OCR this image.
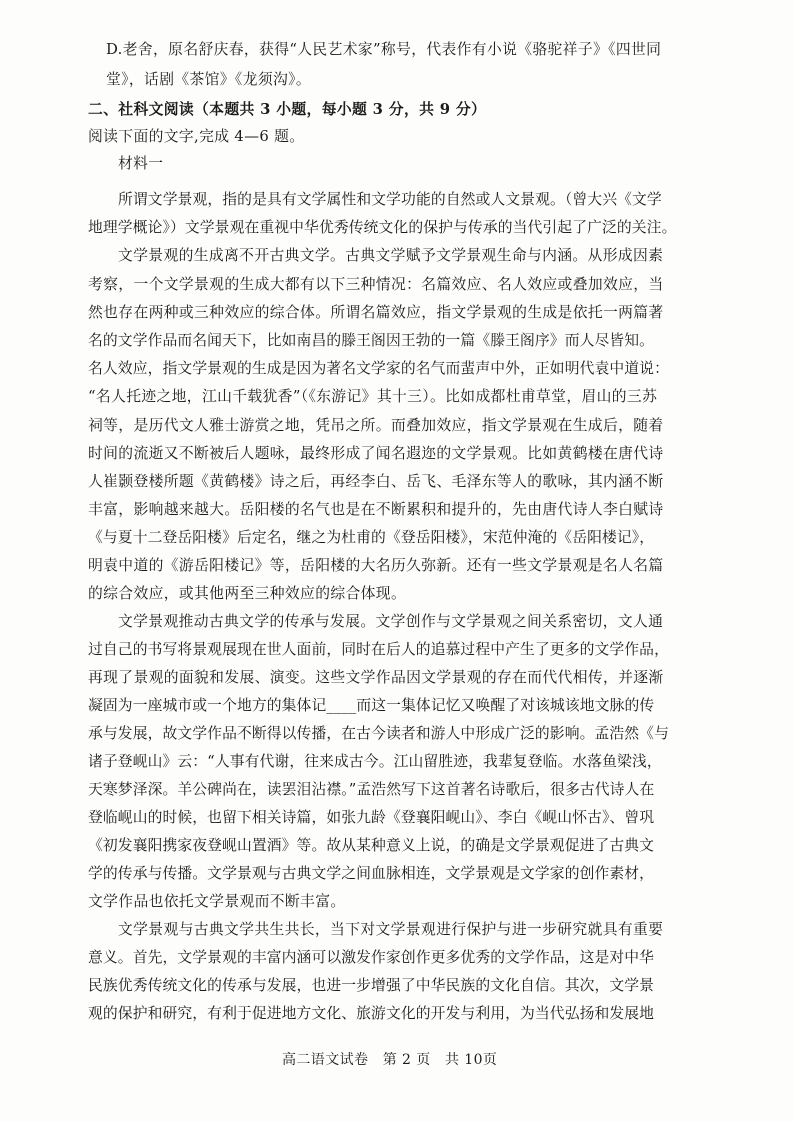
D.老舍，原名舒庆春，获得“人民艺术家”称号，代表作有小说《骆驼祥子》《四世同
堂》，话剧《茶馆》《龙须沟》。
二、社科文阅读（本题共 3 小题，每小题 3 分，共 9 分）
阅读下面的文字,完成 4—6 题。
材料一
所谓文学景观，指的是具有文学属性和文学功能的自然或人文景观。（曾大兴《文学
地理学概论》）文学景观在重视中华优秀传统文化的保护与传承的当代引起了广泛的关注。
文学景观的生成离不开古典文学。古典文学赋予文学景观生命与内涵。从形成因素
考察，一个文学景观的生成大都有以下三种情况：名篇效应、名人效应或叠加效应，当
然也存在两种或三种效应的综合体。所谓名篇效应，指文学景观的生成是依托一两篇著
名的文学作品而名闻天下，比如南昌的滕王阁因王勃的一篇《滕王阁序》而人尽皆知。
名人效应，指文学景观的生成是因为著名文学家的名气而蜚声中外，正如明代袁中道说：
“名人托迹之地，江山千载犹香”（《东游记》其十三）。比如成都杜甫草堂，眉山的三苏
祠等，是历代文人雅士游赏之地，凭吊之所。而叠加效应，指文学景观在生成后，随着
时间的流逝又不断被后人题咏，最终形成了闻名遐迩的文学景观。比如黄鹤楼在唐代诗
人崔颢登楼所题《黄鹤楼》诗之后，再经李白、岳飞、毛泽东等人的歌咏，其内涵不断
丰富，影响越来越大。岳阳楼的名气也是在不断累积和提升的，先由唐代诗人李白赋诗
《与夏十二登岳阳楼》后定名，继之为杜甫的《登岳阳楼》，宋范仲淹的《岳阳楼记》，
明袁中道的《游岳阳楼记》等，岳阳楼的大名历久弥新。还有一些文学景观是名人名篇
的综合效应，或其他两至三种效应的综合体现。
文学景观推动古典文学的传承与发展。文学创作与文学景观之间关系密切，文人通
过自己的书写将景观展现在世人面前，同时在后人的追慕过程中产生了更多的文学作品，
再现了景观的面貌和发展、演变。这些文学作品因文学景观的存在而代代相传，并逐渐
凝固为一座城市或一个地方的集体记____而这一集体记忆又唤醒了对该城该地文脉的传
承与发展，故文学作品不断得以传播，在古今读者和游人中形成广泛的影响。孟浩然《与
诸子登岘山》云：“人事有代谢，往来成古今。江山留胜迹，我辈复登临。水落鱼梁浅，
天寒梦泽深。羊公碑尚在，读罢泪沾襟。”孟浩然写下这首著名诗歌后，很多古代诗人在
登临岘山的时候，也留下相关诗篇，如张九龄《登襄阳岘山》、李白《岘山怀古》、曾巩
《初发襄阳携家夜登岘山置酒》等。故从某种意义上说，的确是文学景观促进了古典文
学的传承与传播。文学景观与古典文学之间血脉相连，文学景观是文学家的创作素材，
文学作品也依托文学景观而不断丰富。
文学景观与古典文学共生共长，当下对文学景观进行保护与进一步研究就具有重要
意义。首先，文学景观的丰富内涵可以激发作家创作更多优秀的文学作品，这是对中华
民族优秀传统文化的传承与发展，也进一步增强了中华民族的文化自信。其次，文学景
观的保护和研究，有利于促进地方文化、旅游文化的开发与利用，为当代弘扬和发展地
高二语文试卷　第 2 页　共 10页
